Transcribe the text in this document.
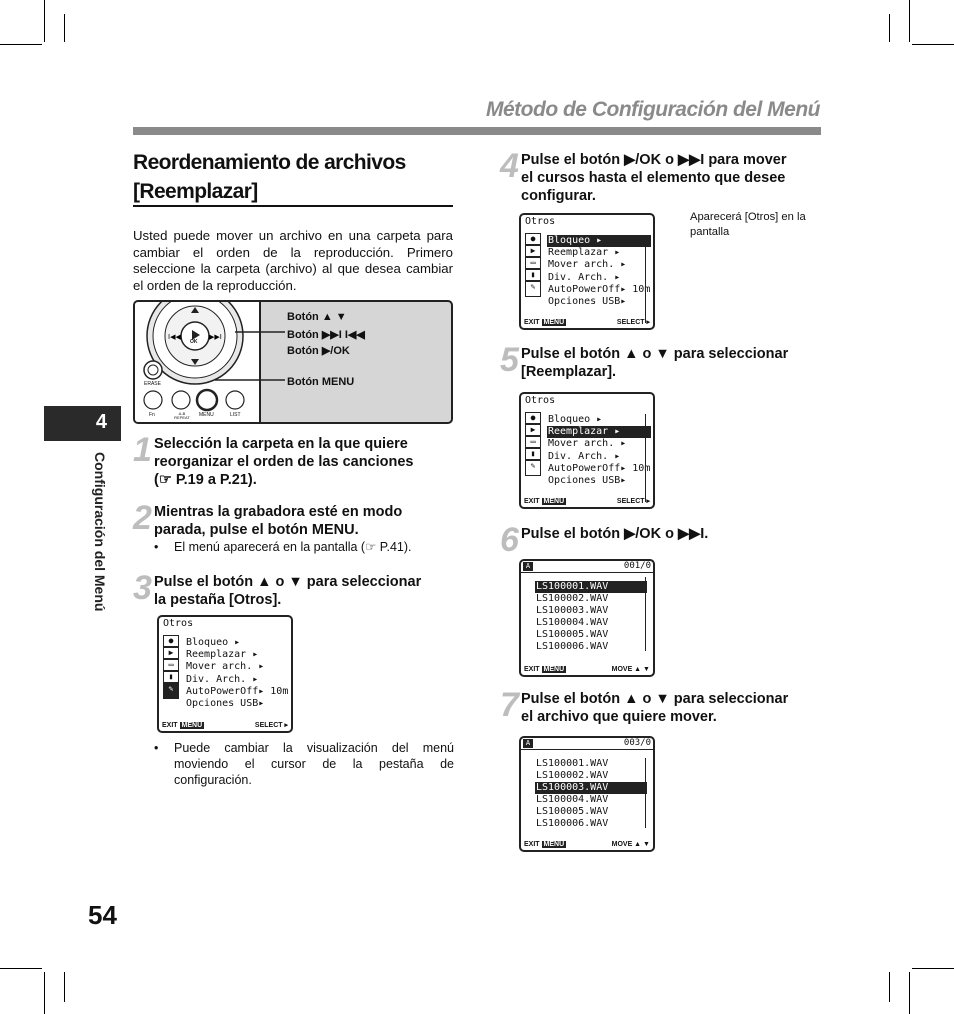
Método de Configuración del Menú
4
Configuración del Menú
54
Reordenamiento de archivos
[Reemplazar]
Usted puede mover un archivo en una carpeta para cambiar el orden de la reproducción. Primero seleccione la carpeta (archivo) al que desea cambiar el orden de la reproducción.
I◀◀	▶▶I
OK
ERASE
Fn	A-B REPEAT	MENU	LIST
Botón ▲ ▼
Botón ▶▶I I◀◀
Botón ▶/OK
Botón MENU
1 Selección la carpeta en la que quiere
reorganizar el orden de las canciones
(☞ P.19 a P.21).
2 Mientras la grabadora esté en modo
parada, pulse el botón MENU.
• El menú aparecerá en la pantalla (☞ P.41).
3 Pulse el botón ▲ o ▼ para seleccionar
la pestaña [Otros].
Otros
●
▶
▭
▮
✎
Bloqueo ▸
Reemplazar ▸
Mover arch. ▸
Div. Arch. ▸
AutoPowerOff▸ 10m
Opciones USB▸
EXIT MENU	SELECT ▸
• Puede cambiar la visualización del menú moviendo el cursor de la pestaña de configuración.
4 Pulse el botón ▶/OK o ▶▶I para mover
el cursos hasta el elemento que desee
configurar.
Otros
●
▶
▭
▮
✎
Bloqueo ▸
Reemplazar ▸
Mover arch. ▸
Div. Arch. ▸
AutoPowerOff▸ 10m
Opciones USB▸
EXIT MENU	SELECT ▸
Aparecerá [Otros] en la pantalla
5 Pulse el botón ▲ o ▼ para seleccionar
[Reemplazar].
Otros
●
▶
▭
▮
✎
Bloqueo ▸
Reemplazar ▸
Mover arch. ▸
Div. Arch. ▸
AutoPowerOff▸ 10m
Opciones USB▸
EXIT MENU	SELECT ▸
6 Pulse el botón ▶/OK o ▶▶I.
A	001/0
LS100001.WAV
LS100002.WAV
LS100003.WAV
LS100004.WAV
LS100005.WAV
LS100006.WAV
EXIT MENU	MOVE ▲ ▼
7 Pulse el botón ▲ o ▼ para seleccionar
el archivo que quiere mover.
A	003/0
LS100001.WAV
LS100002.WAV
LS100003.WAV
LS100004.WAV
LS100005.WAV
LS100006.WAV
EXIT MENU	MOVE ▲ ▼
